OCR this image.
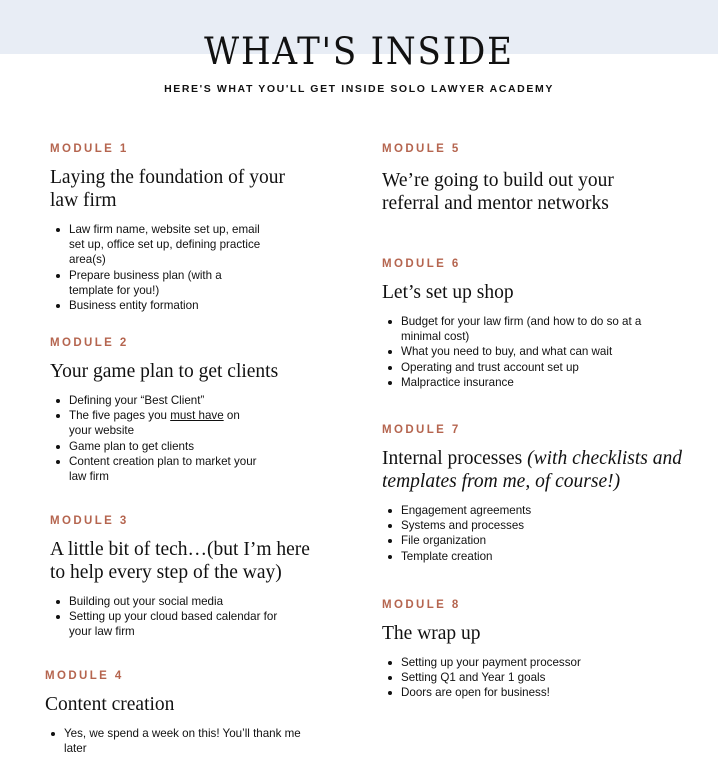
WHAT'S INSIDE
HERE'S WHAT YOU'LL GET INSIDE SOLO LAWYER ACADEMY
MODULE 1
Laying the foundation of your law firm
Law firm name, website set up, email set up, office set up, defining practice area(s)
Prepare business plan (with a template for you!)
Business entity formation
MODULE 2
Your game plan to get clients
Defining your “Best Client”
The five pages you must have on your website
Game plan to get clients
Content creation plan to market your law firm
MODULE 3
A little bit of tech…(but I’m here to help every step of the way)
Building out your social media
Setting up your cloud based calendar for your law firm
MODULE 4
Content creation
Yes, we spend a week on this! You’ll thank me later
MODULE 5
We’re going to build out your referral and mentor networks
MODULE 6
Let’s set up shop
Budget for your law firm (and how to do so at a minimal cost)
What you need to buy, and what can wait
Operating and trust account set up
Malpractice insurance
MODULE 7
Internal processes (with checklists and templates from me, of course!)
Engagement agreements
Systems and processes
File organization
Template creation
MODULE 8
The wrap up
Setting up your payment processor
Setting Q1 and Year 1 goals
Doors are open for business!
